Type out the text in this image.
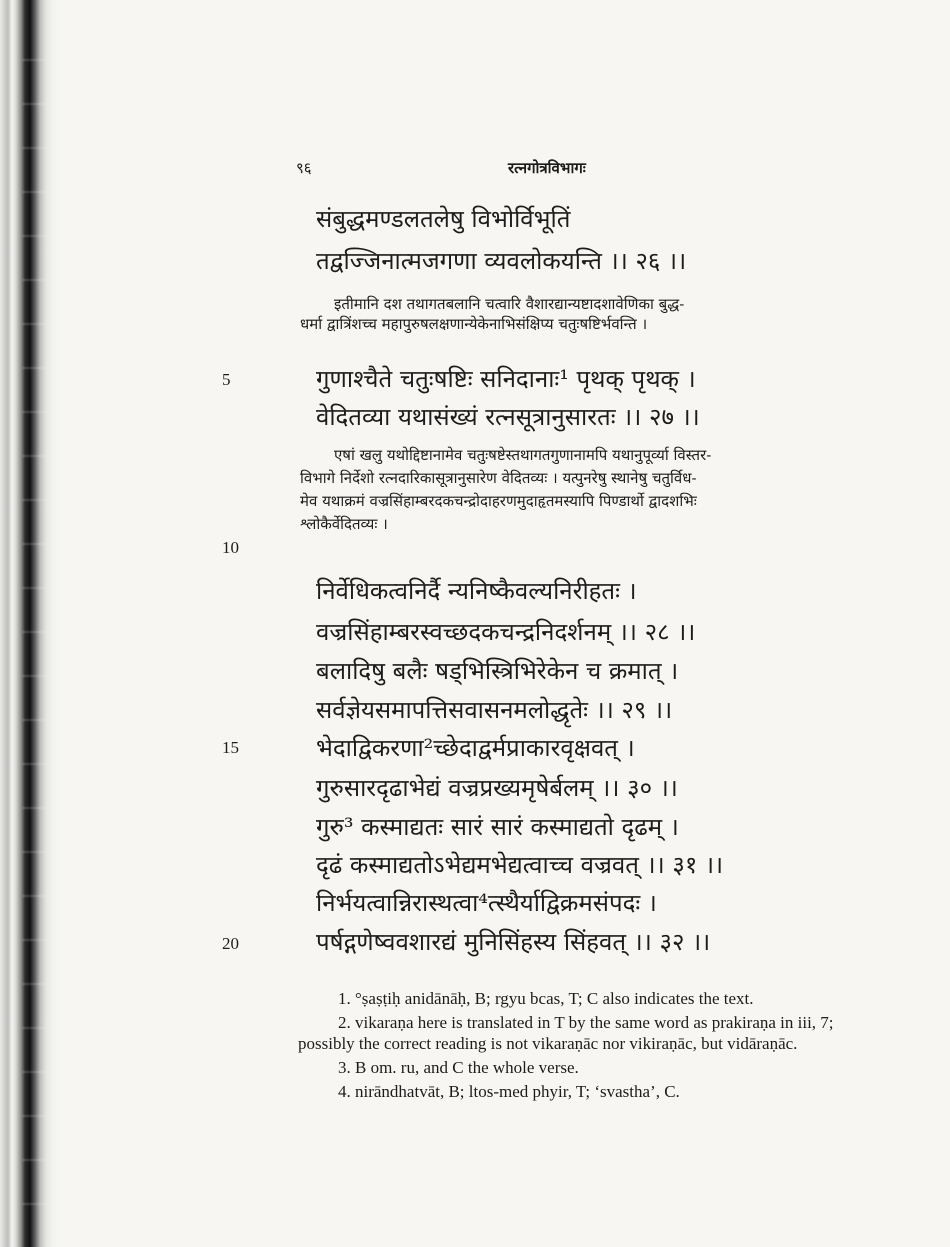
९६	रत्नगोत्रविभागः
संबुद्धमण्डलतलेषु विभोर्विभूतिं
तद्वज्जिनात्मजगणा व्यवलोकयन्ति ।। २६ ।।
इतीमानि दश तथागतबलानि चत्वारि वैशारद्यान्यष्टादशावेणिका बुद्ध-
धर्मा द्वात्रिंशच्च महापुरुषलक्षणान्येकेनाभिसंक्षिप्य चतुःषष्टिर्भवन्ति ।
5	गुणाश्चैते चतुःषष्टिः सनिदानाः¹ पृथक् पृथक् ।
वेदितव्या यथासंख्यं रत्नसूत्रानुसारतः ।। २७ ।।
एषां खलु यथोद्दिष्टानामेव चतुःषष्टेस्तथागतगुणानामपि यथानुपूर्व्या विस्तर-
विभागे निर्देशो रत्नदारिकासूत्रानुसारेण वेदितव्यः । यत्पुनरेषु स्थानेषु चतुर्विध-
मेव यथाक्रमं वज्रसिंहाम्बरदकचन्द्रोदाहरणमुदाहृतमस्यापि पिण्डार्थो द्वादशभिः
श्लोकैर्वेदितव्यः ।
10
निर्वेधिकत्वनिर्दै न्यनिष्कैवल्यनिरीहतः ।
वज्रसिंहाम्बरस्वच्छदकचन्द्रनिदर्शनम् ।। २८ ।।
बलादिषु बलैः षड्भिस्त्रिभिरेकेन च क्रमात् ।
सर्वज्ञेयसमापत्तिसवासनमलोद्धृतेः ।। २९ ।।
15	भेदाद्विकरणा²च्छेदाद्वर्मप्राकारवृक्षवत् ।
गुरुसारदृढाभेद्यं वज्रप्रख्यमृषेर्बलम् ।। ३० ।।
गुरु³ कस्माद्यतः सारं सारं कस्माद्यतो दृढम् ।
दृढं कस्माद्यतोऽभेद्यमभेद्यत्वाच्च वज्रवत् ।। ३१ ।।
निर्भयत्वान्निरास्थत्वा⁴त्स्थैर्याद्विक्रमसंपदः ।
20	पर्षद्गणेष्ववशारद्यं मुनिसिंहस्य सिंहवत् ।। ३२ ।।

1. °ṣaṣṭiḥ anidānāḥ, B; rgyu bcas, T; C also indicates the text.

2. vikaraṇa here is translated in T by the same word as prakiraṇa in iii, 7; possibly the correct reading is not vikaraṇāc nor vikiraṇāc, but vidāraṇāc.

3. B om. ru, and C the whole verse.

4. nirāndhatvāt, B; ltos-med phyir, T; ‘svastha’, C.
